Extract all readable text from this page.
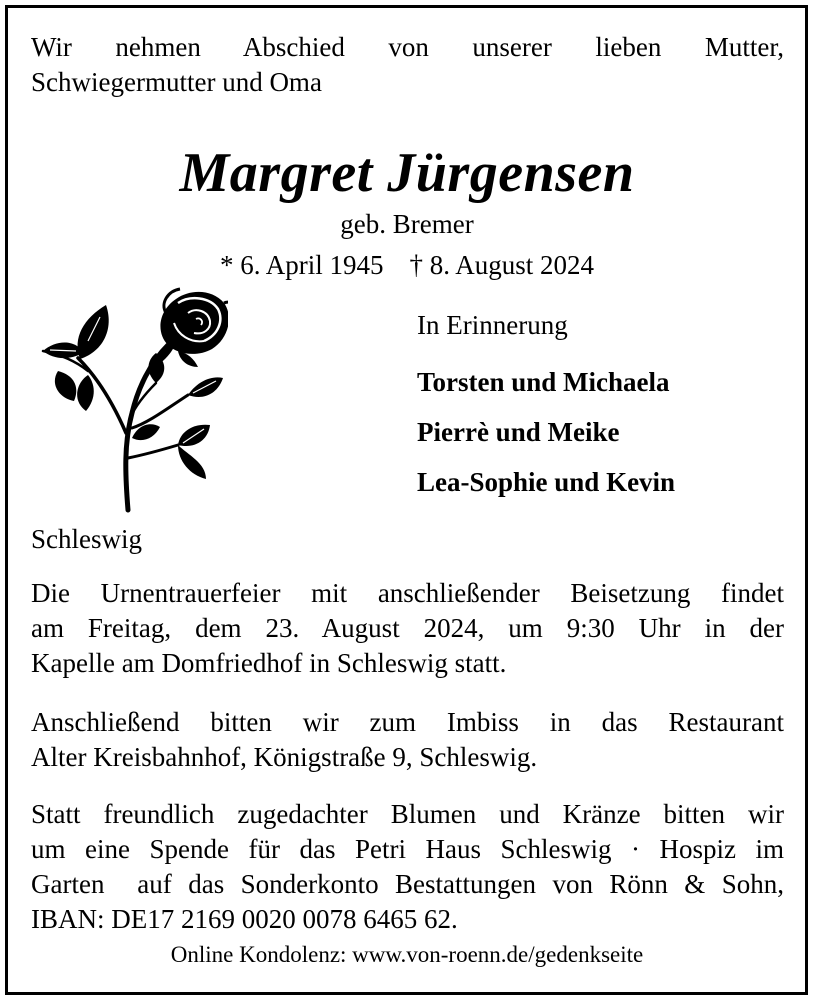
Wir nehmen Abschied von unserer lieben Mutter,
Schwiegermutter und Oma
Margret Jürgensen
geb. Bremer
* 6. April 1945 † 8. August 2024
In Erinnerung
Torsten und Michaela
Pierrè und Meike
Lea-Sophie und Kevin
Schleswig
Die Urnentrauerfeier mit anschließender Beisetzung findet
am Freitag, dem 23. August 2024, um 9:30 Uhr in der
Kapelle am Domfriedhof in Schleswig statt.
Anschließend bitten wir zum Imbiss in das Restaurant
Alter Kreisbahnhof, Königstraße 9, Schleswig.
Statt freundlich zugedachter Blumen und Kränze bitten wir
um eine Spende für das Petri Haus Schleswig · Hospiz im
Garten  auf das Sonderkonto Bestattungen von Rönn & Sohn,
IBAN: DE17 2169 0020 0078 6465 62.
Online Kondolenz: www.von-roenn.de/gedenkseite
